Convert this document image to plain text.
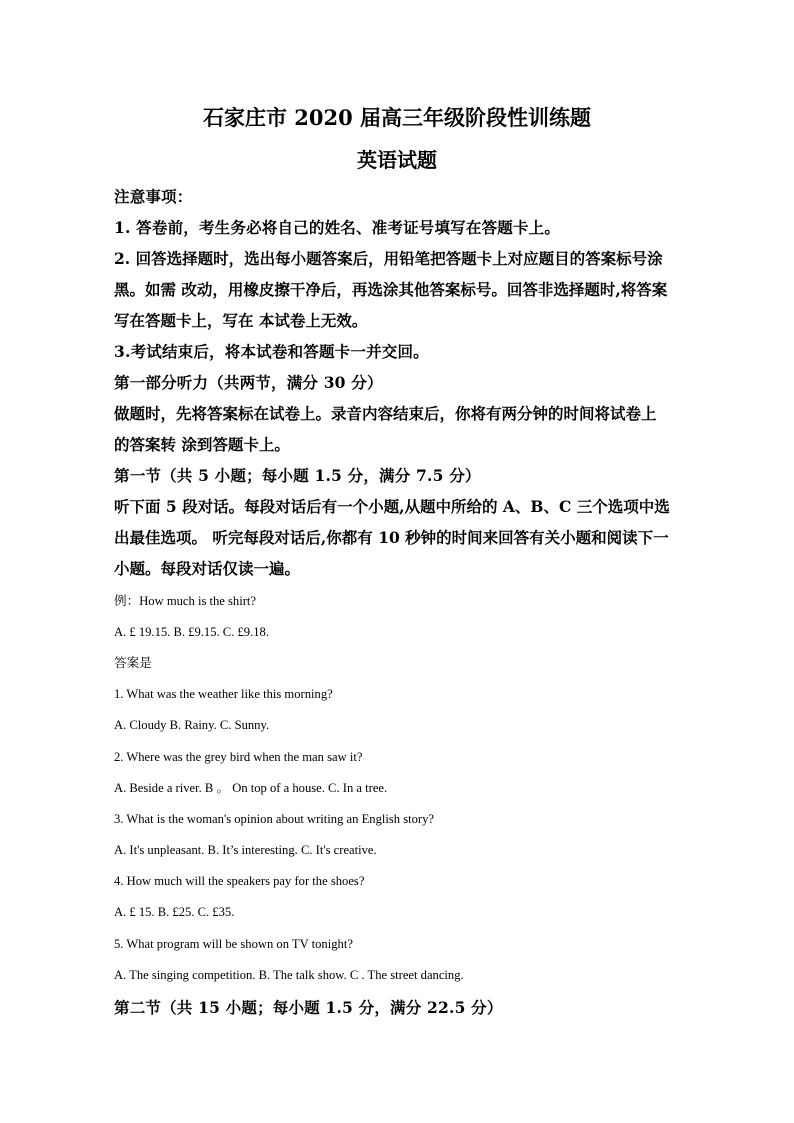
石家庄市 2020 届高三年级阶段性训练题
英语试题
注意事项：
1. 答卷前，考生务必将自己的姓名、准考证号填写在答题卡上。
2. 回答选择题时，选出每小题答案后，用铅笔把答题卡上对应题目的答案标号涂
黑。如需 改动，用橡皮擦干净后，再选涂其他答案标号。回答非选择题时,将答案
写在答题卡上，写在 本试卷上无效。
3.考试结束后，将本试卷和答题卡一并交回。
第一部分听力（共两节，满分 30 分）
做题时，先将答案标在试卷上。录音内容结束后，你将有两分钟的时间将试卷上
的答案转 涂到答题卡上。
第一节（共 5 小题；每小题 1.5 分，满分 7.5 分）
听下面 5 段对话。每段对话后有一个小题,从题中所给的 A、B、C 三个选项中选
出最佳选项。 听完每段对话后,你都有 10 秒钟的时间来回答有关小题和阅读下一
小题。每段对话仅读一遍。
例：How much is the shirt?
A. £ 19.15. B. £9.15. C. £9.18.
答案是
1. What was the weather like this morning?
A. Cloudy B. Rainy. C. Sunny.
2. Where was the grey bird when the man saw it?
A. Beside a river. B 。 On top of a house. C. In a tree.
3. What is the woman's opinion about writing an English story?
A. It's unpleasant. B. It’s interesting. C. It's creative.
4. How much will the speakers pay for the shoes?
A. £ 15. B. £25. C. £35.
5. What program will be shown on TV tonight?
A. The singing competition. B. The talk show. C . The street dancing.
第二节（共 15 小题；每小题 1.5 分，满分 22.5 分）
